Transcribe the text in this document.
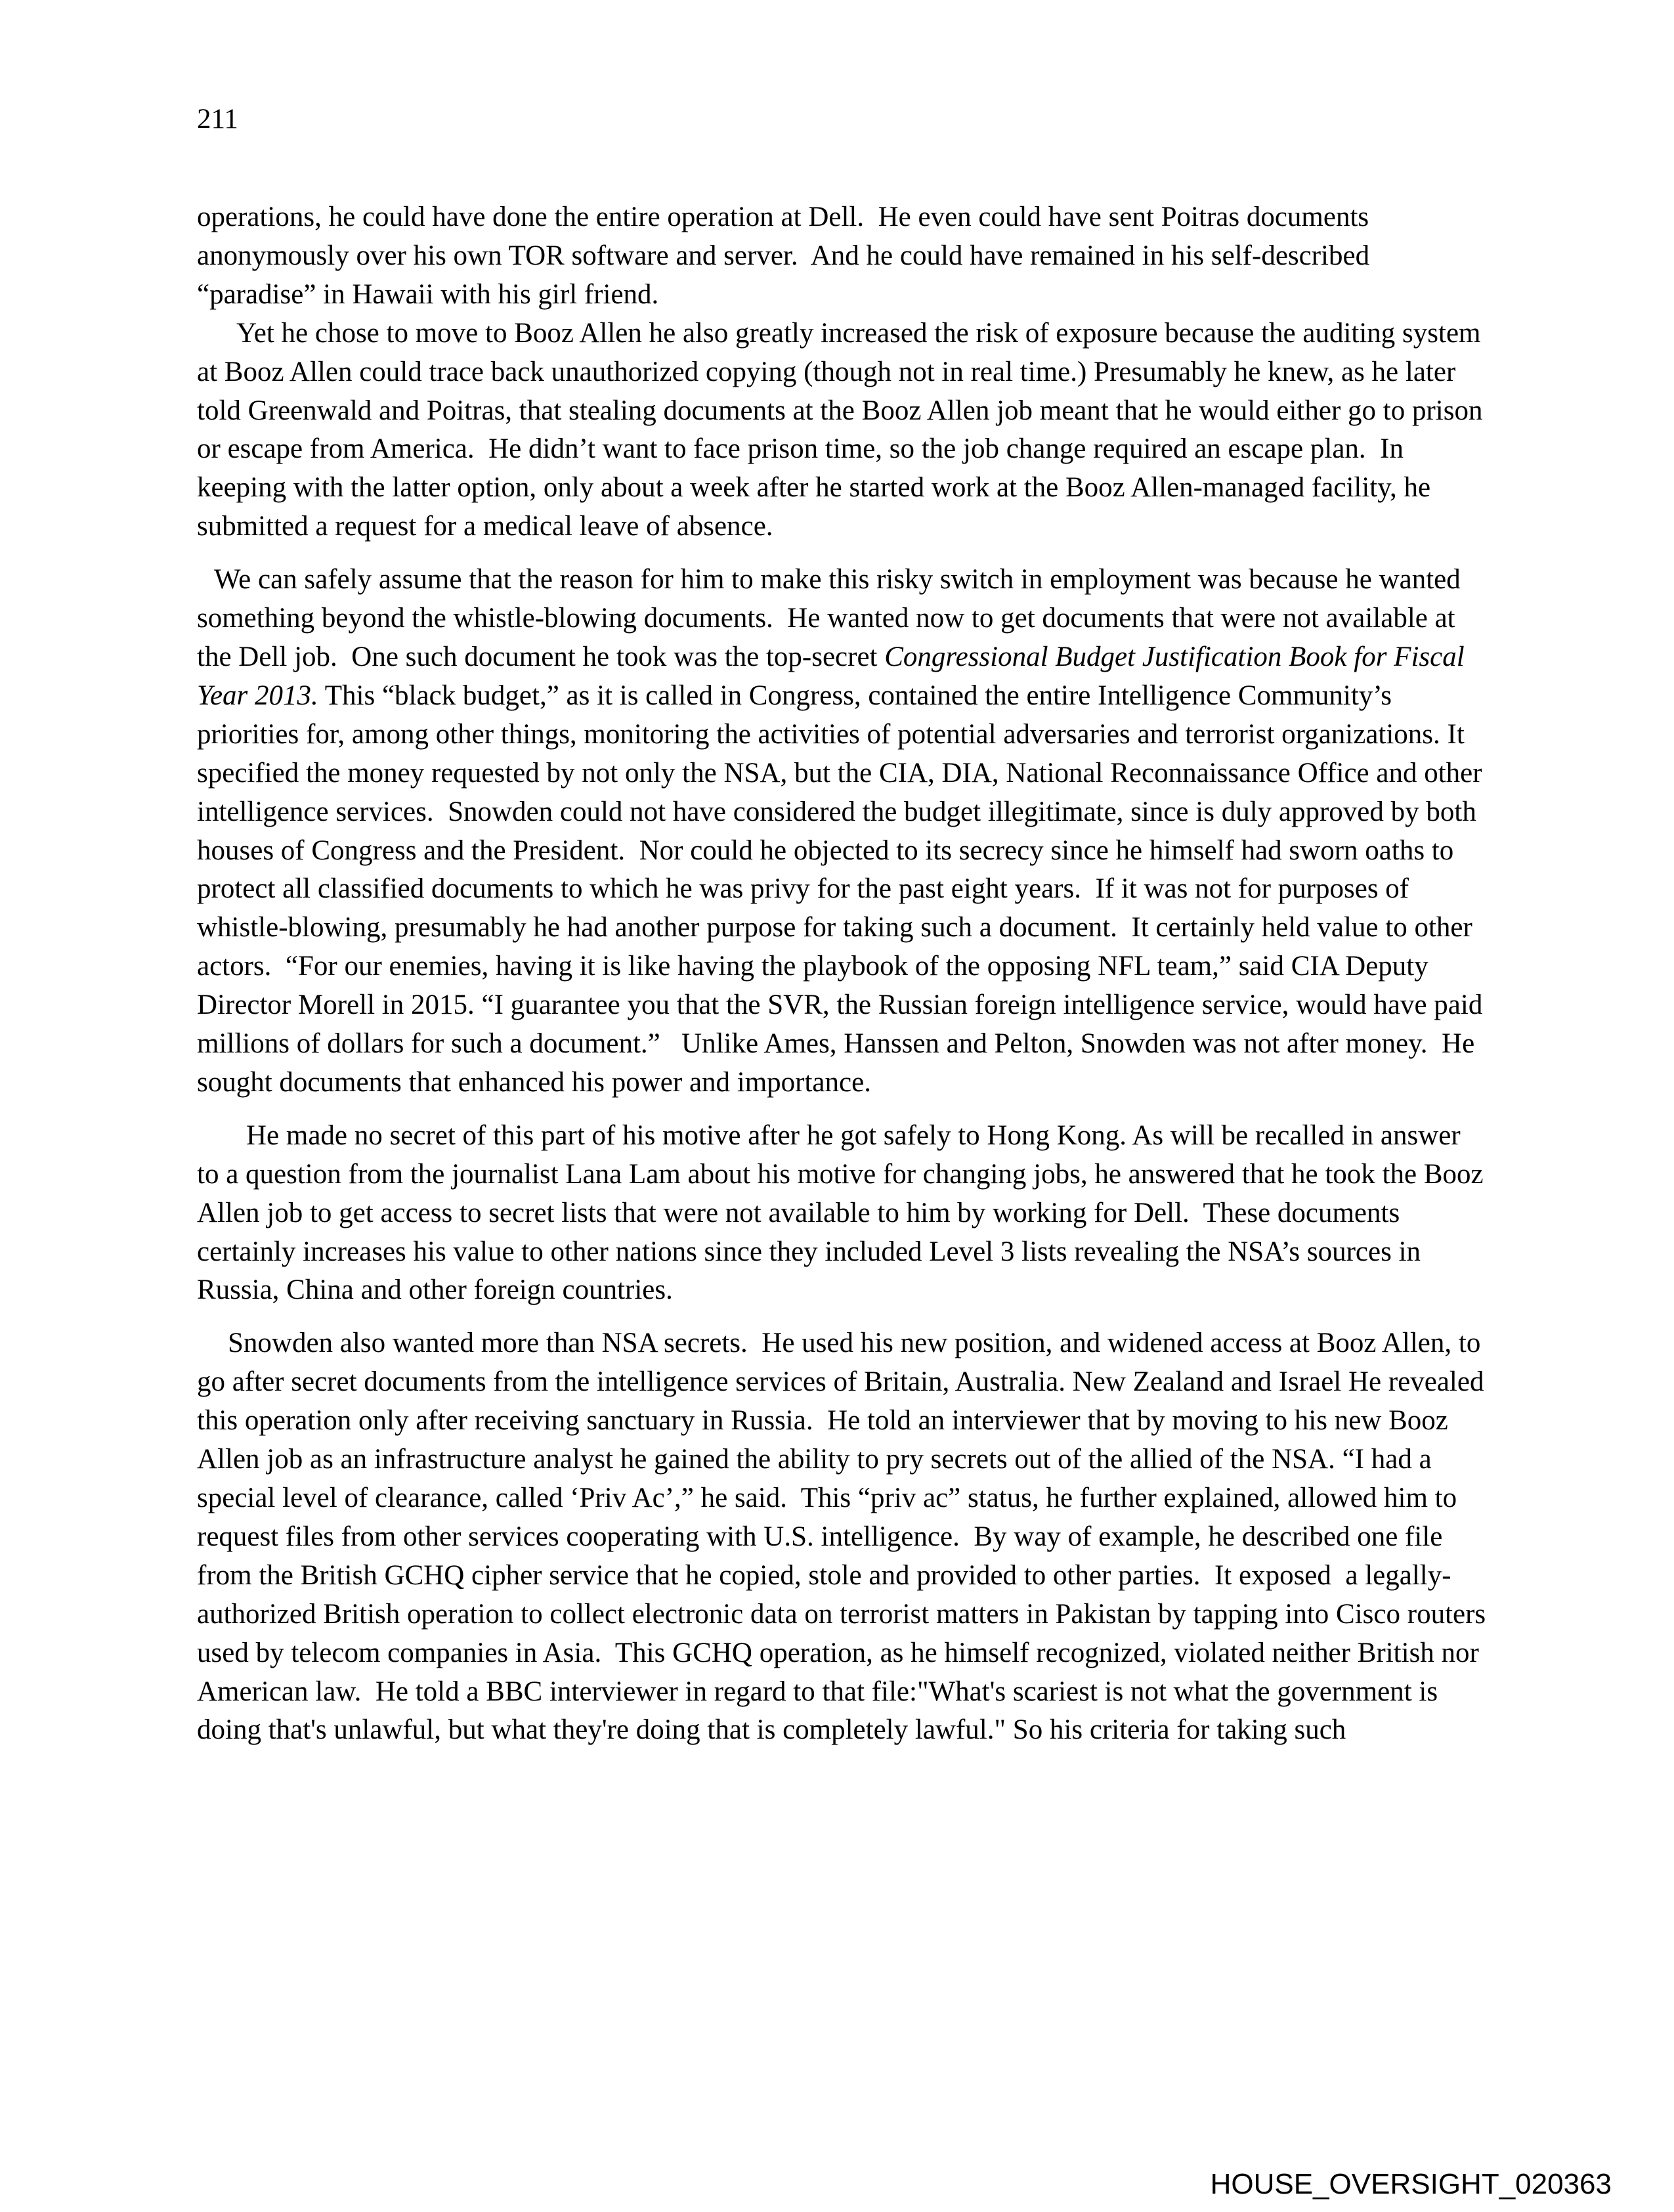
211

operations, he could have done the entire operation at Dell.  He even could have sent Poitras documents anonymously over his own TOR software and server.  And he could have remained in his self-described “paradise” in Hawaii with his girl friend.

Yet he chose to move to Booz Allen he also greatly increased the risk of exposure because the auditing system at Booz Allen could trace back unauthorized copying (though not in real time.) Presumably he knew, as he later told Greenwald and Poitras, that stealing documents at the Booz Allen job meant that he would either go to prison or escape from America.  He didn’t want to face prison time, so the job change required an escape plan.  In keeping with the latter option, only about a week after he started work at the Booz Allen-managed facility, he submitted a request for a medical leave of absence.

We can safely assume that the reason for him to make this risky switch in employment was because he wanted something beyond the whistle-blowing documents.  He wanted now to get documents that were not available at the Dell job.  One such document he took was the top-secret Congressional Budget Justification Book for Fiscal Year 2013. This “black budget,” as it is called in Congress, contained the entire Intelligence Community’s priorities for, among other things, monitoring the activities of potential adversaries and terrorist organizations. It specified the money requested by not only the NSA, but the CIA, DIA, National Reconnaissance Office and other intelligence services.  Snowden could not have considered the budget illegitimate, since is duly approved by both houses of Congress and the President.  Nor could he objected to its secrecy since he himself had sworn oaths to protect all classified documents to which he was privy for the past eight years.  If it was not for purposes of whistle-blowing, presumably he had another purpose for taking such a document.  It certainly held value to other actors.  “For our enemies, having it is like having the playbook of the opposing NFL team,” said CIA Deputy Director Morell in 2015. “I guarantee you that the SVR, the Russian foreign intelligence service, would have paid millions of dollars for such a document.”   Unlike Ames, Hanssen and Pelton, Snowden was not after money.  He sought documents that enhanced his power and importance.

He made no secret of this part of his motive after he got safely to Hong Kong. As will be recalled in answer to a question from the journalist Lana Lam about his motive for changing jobs, he answered that he took the Booz Allen job to get access to secret lists that were not available to him by working for Dell.  These documents certainly increases his value to other nations since they included Level 3 lists revealing the NSA’s sources in Russia, China and other foreign countries.

Snowden also wanted more than NSA secrets.  He used his new position, and widened access at Booz Allen, to go after secret documents from the intelligence services of Britain, Australia. New Zealand and Israel He revealed this operation only after receiving sanctuary in Russia.  He told an interviewer that by moving to his new Booz Allen job as an infrastructure analyst he gained the ability to pry secrets out of the allied of the NSA. “I had a special level of clearance, called ‘Priv Ac’,” he said.  This “priv ac” status, he further explained, allowed him to request files from other services cooperating with U.S. intelligence.  By way of example, he described one file from the British GCHQ cipher service that he copied, stole and provided to other parties.  It exposed  a legally-authorized British operation to collect electronic data on terrorist matters in Pakistan by tapping into Cisco routers used by telecom companies in Asia.  This GCHQ operation, as he himself recognized, violated neither British nor American law.  He told a BBC interviewer in regard to that file:"What's scariest is not what the government is doing that's unlawful, but what they're doing that is completely lawful." So his criteria for taking such

HOUSE_OVERSIGHT_020363
